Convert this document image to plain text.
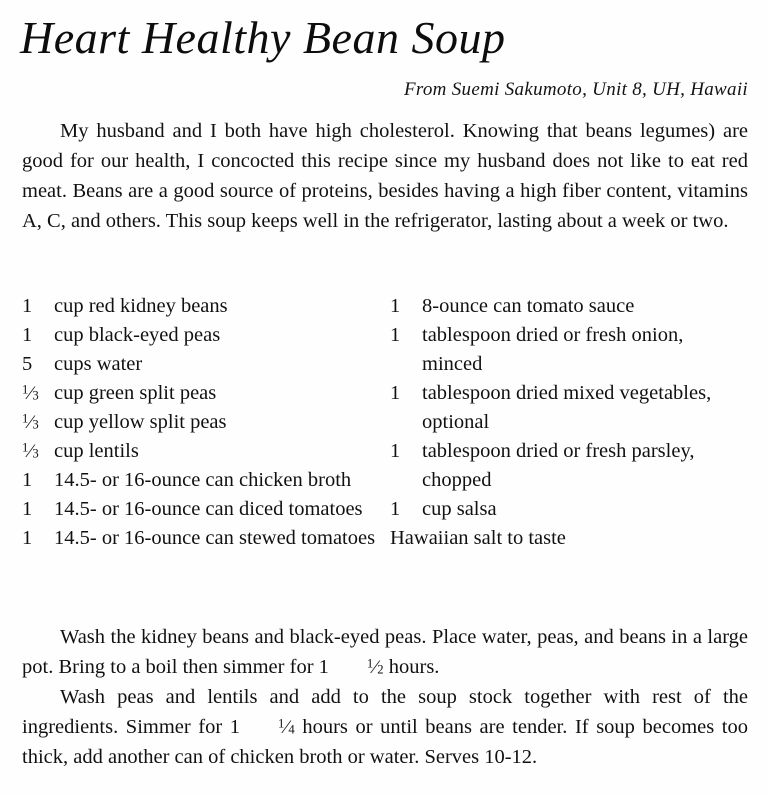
Heart Healthy Bean Soup
From Suemi Sakumoto, Unit 8, UH, Hawaii
My husband and I both have high cholesterol. Knowing that beans legumes) are good for our health, I concocted this recipe since my husband does not like to eat red meat. Beans are a good source of proteins, besides having a high fiber content, vitamins A, C, and others. This soup keeps well in the refrigerator, lasting about a week or two.
1	cup red kidney beans
1	cup black-eyed peas
5	cups water
$^1$⁄3 cup green split peas
$^1$⁄3 cup yellow split peas
$^1$⁄3 cup lentils
1	14.5- or 16-ounce can chicken broth
1	14.5- or 16-ounce can diced tomatoes
1	14.5- or 16-ounce can stewed tomatoes
1	8-ounce can tomato sauce
1	tablespoon dried or fresh onion, minced
1	tablespoon dried mixed vegetables, optional
1	tablespoon dried or fresh parsley, chopped
1	cup salsa
Hawaiian salt to taste

Wash the kidney beans and black-eyed peas. Place water, peas, and beans in a large pot. Bring to a boil then simmer for 1	$^1$⁄2 hours.

Wash peas and lentils and add to the soup stock together with rest of the ingredients. Simmer for 1	$^1$⁄4 hours or until beans are tender. If soup becomes too thick, add another can of chicken broth or water. Serves 10-12.
